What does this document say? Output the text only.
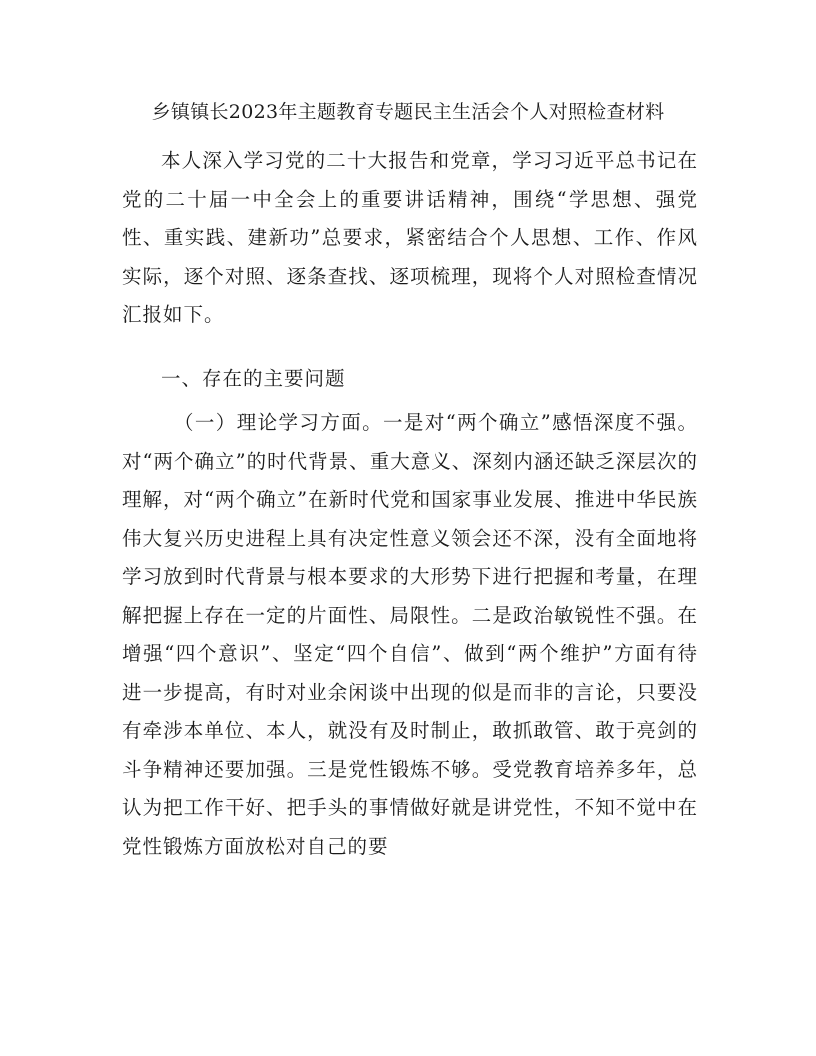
乡镇镇长2023年主题教育专题民主生活会个人对照检查材料

本人深入学习党的二十大报告和党章，学习习近平总书记在党的二十届一中全会上的重要讲话精神，围绕“学思想、强党性、重实践、建新功”总要求，紧密结合个人思想、工作、作风实际，逐个对照、逐条查找、逐项梳理，现将个人对照检查情况汇报如下。

一、存在的主要问题

（一）理论学习方面。一是对“两个确立”感悟深度不强。对“两个确立”的时代背景、重大意义、深刻内涵还缺乏深层次的理解，对“两个确立”在新时代党和国家事业发展、推进中华民族伟大复兴历史进程上具有决定性意义领会还不深，没有全面地将学习放到时代背景与根本要求的大形势下进行把握和考量，在理解把握上存在一定的片面性、局限性。二是政治敏锐性不强。在增强“四个意识”、坚定“四个自信”、做到“两个维护”方面有待进一步提高，有时对业余闲谈中出现的似是而非的言论，只要没有牵涉本单位、本人，就没有及时制止，敢抓敢管、敢于亮剑的斗争精神还要加强。三是党性锻炼不够。受党教育培养多年，总认为把工作干好、把手头的事情做好就是讲党性，不知不觉中在党性锻炼方面放松对自己的要
